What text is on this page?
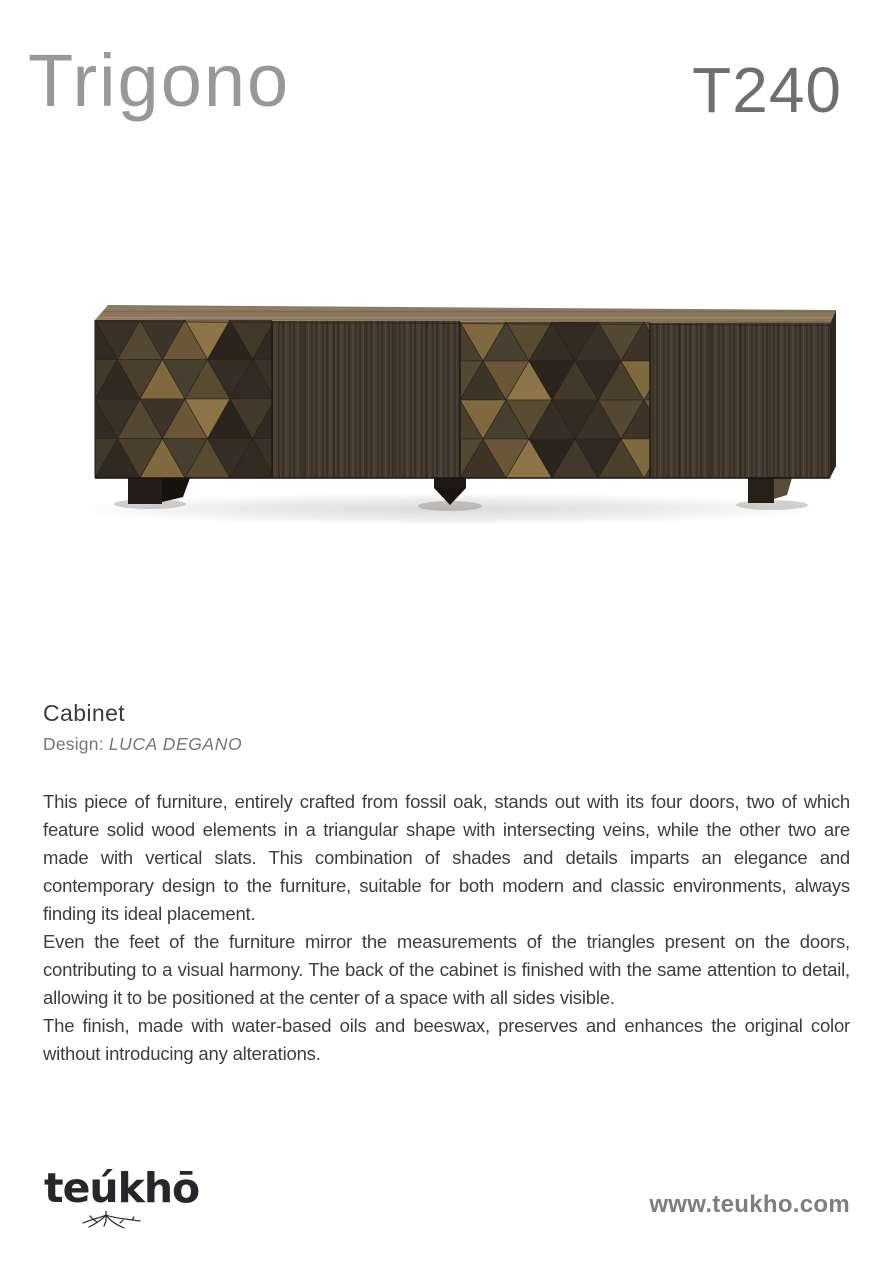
Trigono	T240
Cabinet

Design: LUCA DEGANO

This piece of furniture, entirely crafted from fossil oak, stands out with its four doors, two of which feature solid wood elements in a triangular shape with intersecting veins, while the other two are made with vertical slats. This combination of shades and details imparts an elegance and contemporary design to the furniture, suitable for both modern and classic environments, always finding its ideal placement.

Even the feet of the furniture mirror the measurements of the triangles present on the doors, contributing to a visual harmony. The back of the cabinet is finished with the same attention to detail, allowing it to be positioned at the center of a space with all sides visible.

The finish, made with water-based oils and beeswax, preserves and enhances the original color without introducing any alterations.

teúkhō	www.teukho.com
